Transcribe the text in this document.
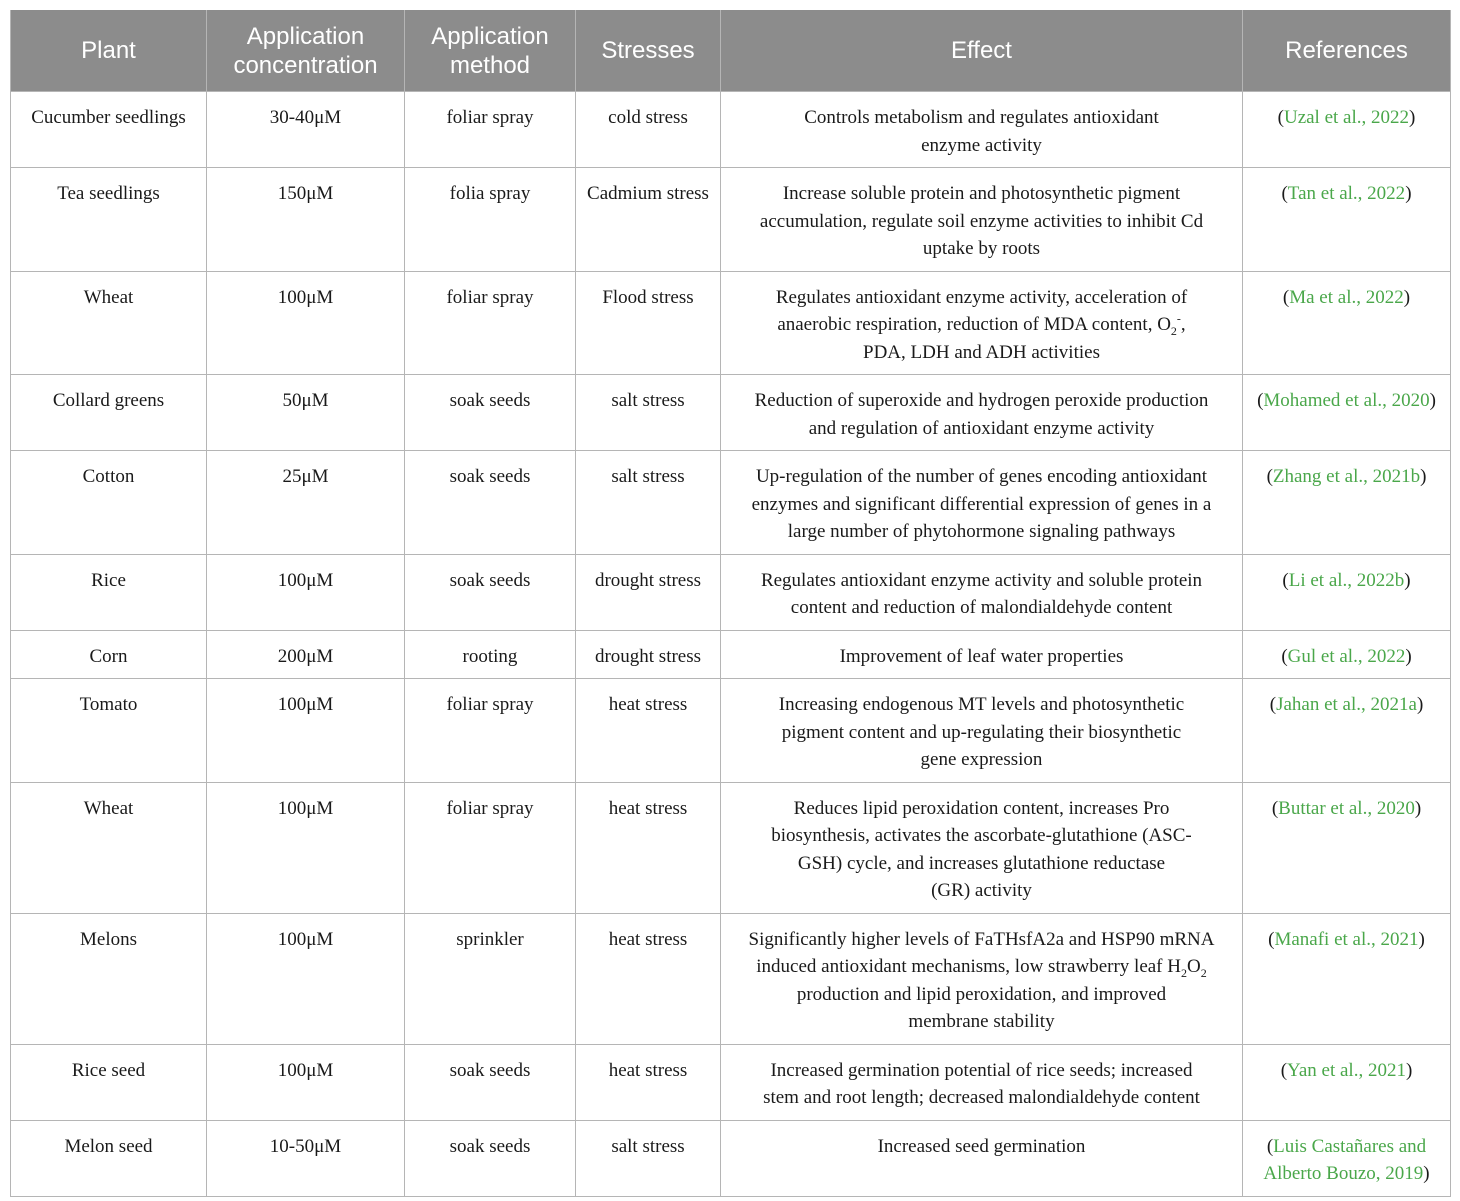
Plant	Application concentration	Application method	Stresses	Effect	References
Cucumber seedlings	30-40μM	foliar spray	cold stress	Controls metabolism and regulates antioxidant
enzyme activity	(Uzal et al., 2022)
Tea seedlings	150μM	folia spray	Cadmium stress	Increase soluble protein and photosynthetic pigment
accumulation, regulate soil enzyme activities to inhibit Cd
uptake by roots	(Tan et al., 2022)
Wheat	100μM	foliar spray	Flood stress	Regulates antioxidant enzyme activity, acceleration of
anaerobic respiration, reduction of MDA content, $O_2^-$,
PDA, LDH and ADH activities	(Ma et al., 2022)
Collard greens	50μM	soak seeds	salt stress	Reduction of superoxide and hydrogen peroxide production
and regulation of antioxidant enzyme activity	(Mohamed et al., 2020)
Cotton	25μM	soak seeds	salt stress	Up-regulation of the number of genes encoding antioxidant
enzymes and significant differential expression of genes in a
large number of phytohormone signaling pathways	(Zhang et al., 2021b)
Rice	100μM	soak seeds	drought stress	Regulates antioxidant enzyme activity and soluble protein
content and reduction of malondialdehyde content	(Li et al., 2022b)
Corn	200μM	rooting	drought stress	Improvement of leaf water properties	(Gul et al., 2022)
Tomato	100μM	foliar spray	heat stress	Increasing endogenous MT levels and photosynthetic
pigment content and up-regulating their biosynthetic
gene expression	(Jahan et al., 2021a)
Wheat	100μM	foliar spray	heat stress	Reduces lipid peroxidation content, increases Pro
biosynthesis, activates the ascorbate-glutathione (ASC-
GSH) cycle, and increases glutathione reductase
(GR) activity	(Buttar et al., 2020)
Melons	100μM	sprinkler	heat stress	Significantly higher levels of FaTHsfA2a and HSP90 mRNA
induced antioxidant mechanisms, low strawberry leaf $H_2O_2$
production and lipid peroxidation, and improved
membrane stability	(Manafi et al., 2021)
Rice seed	100μM	soak seeds	heat stress	Increased germination potential of rice seeds; increased
stem and root length; decreased malondialdehyde content	(Yan et al., 2021)
Melon seed	10-50μM	soak seeds	salt stress	Increased seed germination	(Luis Castañares and Alberto Bouzo, 2019)
